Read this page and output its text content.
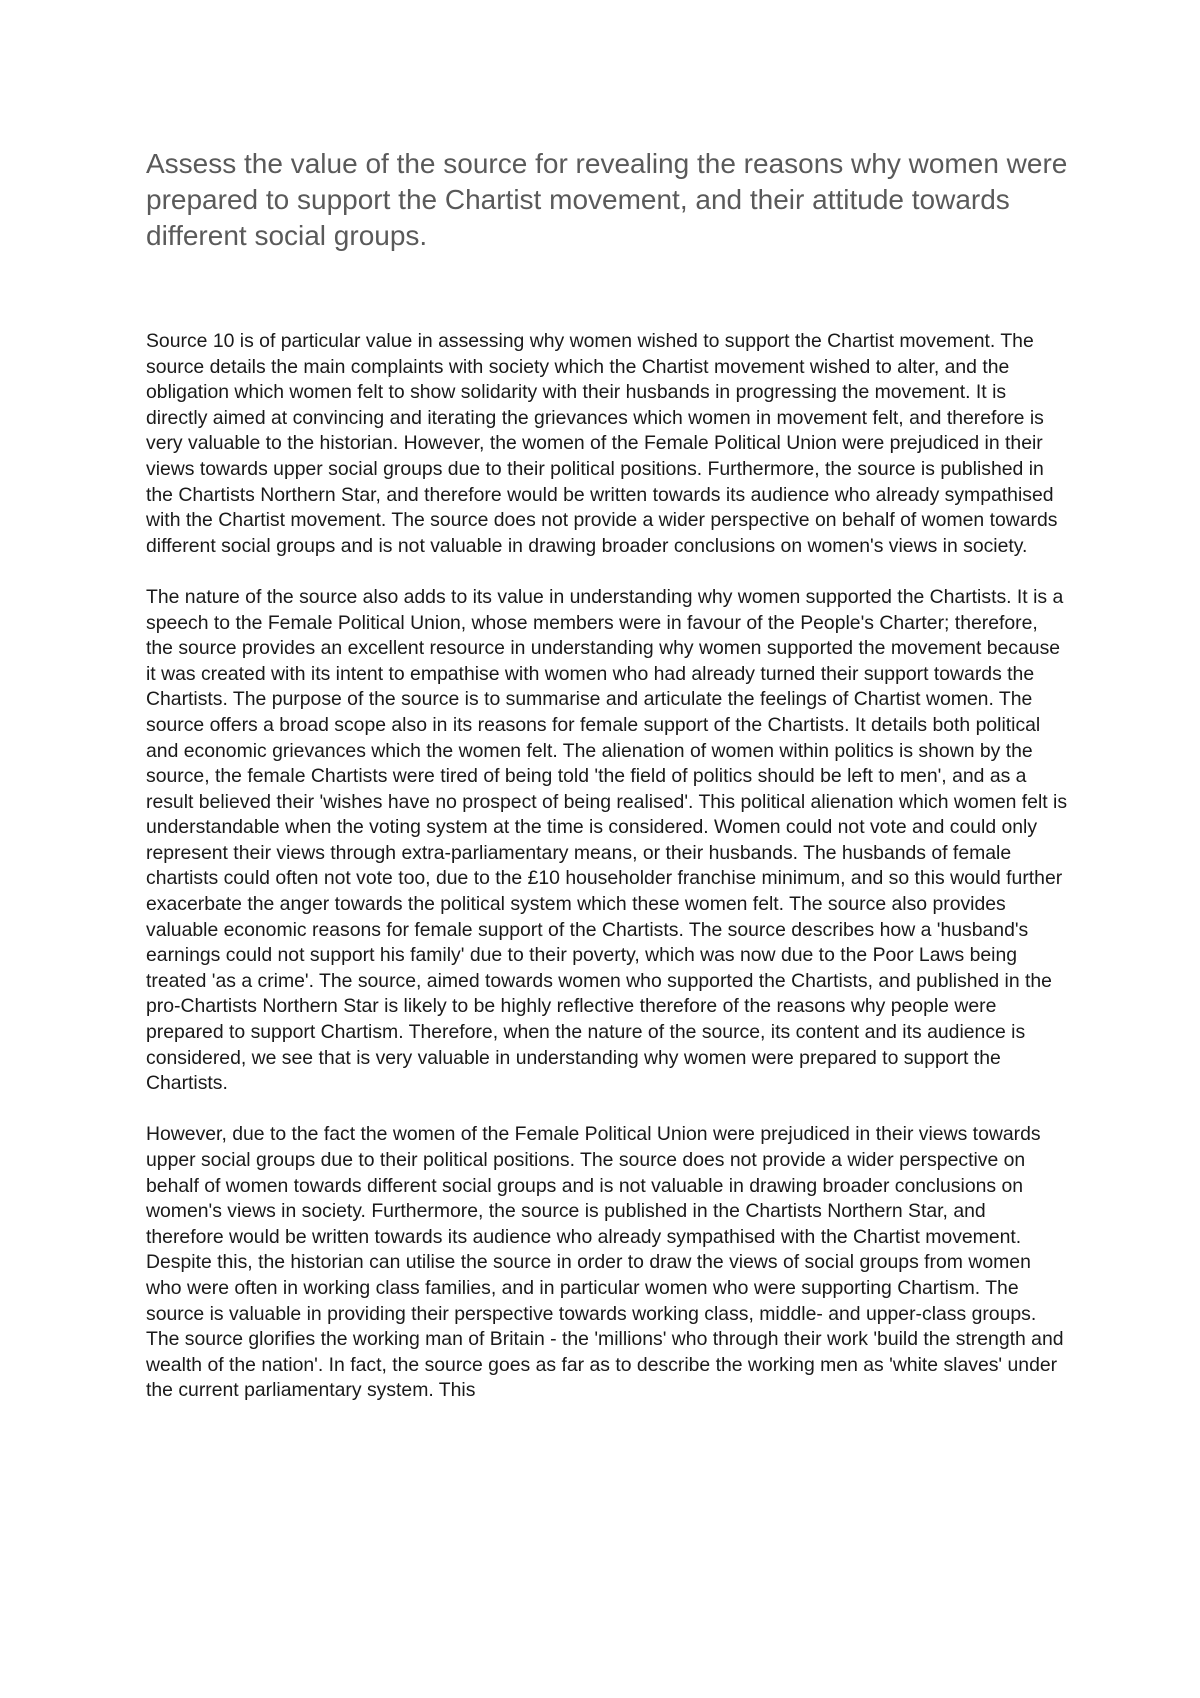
Assess the value of the source for revealing the reasons why women were prepared to support the Chartist movement, and their attitude towards different social groups.

Source 10 is of particular value in assessing why women wished to support the Chartist movement. The source details the main complaints with society which the Chartist movement wished to alter, and the obligation which women felt to show solidarity with their husbands in progressing the movement. It is directly aimed at convincing and iterating the grievances which women in movement felt, and therefore is very valuable to the historian. However, the women of the Female Political Union were prejudiced in their views towards upper social groups due to their political positions. Furthermore, the source is published in the Chartists Northern Star, and therefore would be written towards its audience who already sympathised with the Chartist movement. The source does not provide a wider perspective on behalf of women towards different social groups and is not valuable in drawing broader conclusions on women's views in society.

The nature of the source also adds to its value in understanding why women supported the Chartists. It is a speech to the Female Political Union, whose members were in favour of the People's Charter; therefore, the source provides an excellent resource in understanding why women supported the movement because it was created with its intent to empathise with women who had already turned their support towards the Chartists. The purpose of the source is to summarise and articulate the feelings of Chartist women. The source offers a broad scope also in its reasons for female support of the Chartists. It details both political and economic grievances which the women felt. The alienation of women within politics is shown by the source, the female Chartists were tired of being told 'the field of politics should be left to men', and as a result believed their 'wishes have no prospect of being realised'. This political alienation which women felt is understandable when the voting system at the time is considered. Women could not vote and could only represent their views through extra-parliamentary means, or their husbands. The husbands of female chartists could often not vote too, due to the £10 householder franchise minimum, and so this would further exacerbate the anger towards the political system which these women felt. The source also provides valuable economic reasons for female support of the Chartists. The source describes how a 'husband's earnings could not support his family' due to their poverty, which was now due to the Poor Laws being treated 'as a crime'. The source, aimed towards women who supported the Chartists, and published in the pro-Chartists Northern Star is likely to be highly reflective therefore of the reasons why people were prepared to support Chartism. Therefore, when the nature of the source, its content and its audience is considered, we see that is very valuable in understanding why women were prepared to support the Chartists.

However, due to the fact the women of the Female Political Union were prejudiced in their views towards upper social groups due to their political positions. The source does not provide a wider perspective on behalf of women towards different social groups and is not valuable in drawing broader conclusions on women's views in society. Furthermore, the source is published in the Chartists Northern Star, and therefore would be written towards its audience who already sympathised with the Chartist movement. Despite this, the historian can utilise the source in order to draw the views of social groups from women who were often in working class families, and in particular women who were supporting Chartism. The source is valuable in providing their perspective towards working class, middle- and upper-class groups. The source glorifies the working man of Britain - the 'millions' who through their work 'build the strength and wealth of the nation'. In fact, the source goes as far as to describe the working men as 'white slaves' under the current parliamentary system. This
